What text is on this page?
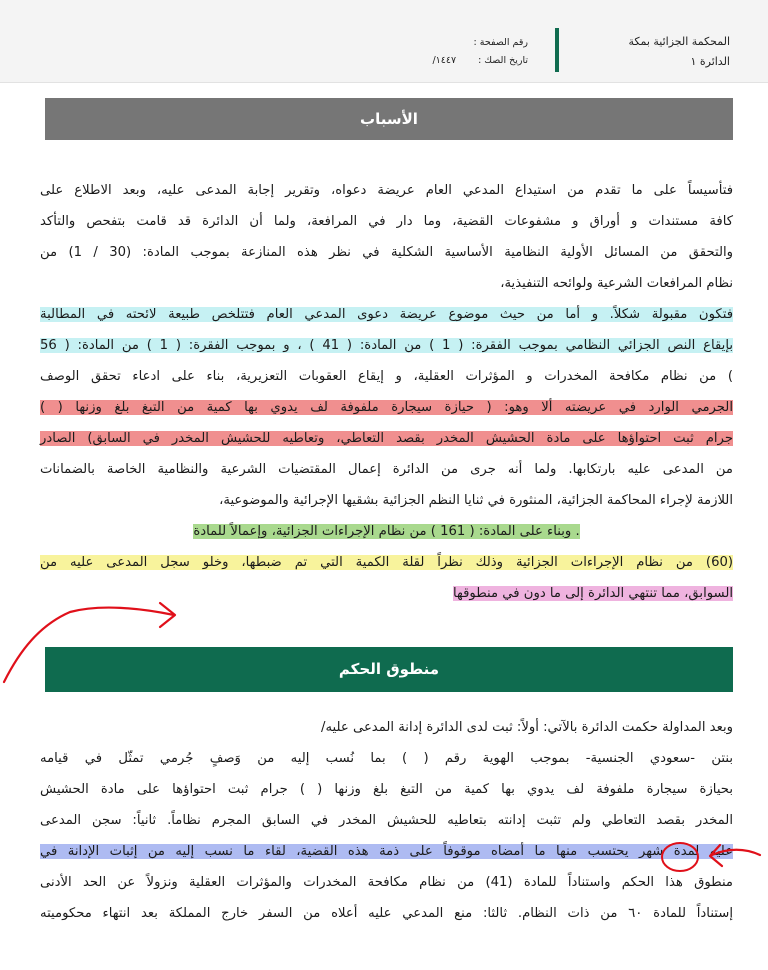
المحكمة الجزائية بمكة
الدائرة ١
رقم الصفحة :
تاريخ الصك :
١٤٤٧/
الأسباب
فتأسيساً على ما تقدم من استيداع المدعي العام عريضة دعواه، وتقرير إجابة المدعى عليه، وبعد الاطلاع على
كافة مستندات و أوراق و مشفوعات القضية، وما دار في المرافعة، ولما أن الدائرة قد قامت بتفحص والتأكد
والتحقق من المسائل الأولية النظامية الأساسية الشكلية في نظر هذه المنازعة بموجب المادة: (30 / 1) من
نظام المرافعات الشرعية ولوائحه التنفيذية،
فتكون مقبولة شكلاً. و أما من حيث موضوع عريضة دعوى المدعي العام فتتلخص طبيعة لائحته في المطالبة
بإيقاع النص الجزائي النظامي بموجب الفقرة: ( 1 ) من المادة: ( 41 ) ، و بموجب الفقرة: ( 1 ) من المادة: ( 56
) من نظام مكافحة المخدرات و المؤثرات العقلية، و إيقاع العقوبات التعزيرية، بناء على ادعاء تحقق الوصف
الجرمي الوارد في عريضته ألا وهو: ( حيازة سيجارة ملفوفة لف يدوي بها كمية من التبغ بلغ وزنها ( )
جرام ثبت احتواؤها على مادة الحشيش المخدر بقصد التعاطي، وتعاطيه للحشيش المخدر في السابق) الصادر
من المدعى عليه بارتكابها. ولما أنه جرى من الدائرة إعمال المقتضيات الشرعية والنظامية الخاصة بالضمانات
اللازمة لإجراء المحاكمة الجزائية، المنثورة في ثنايا النظم الجزائية بشقيها الإجرائية والموضوعية،
. وبناء على المادة: ( 161 ) من نظام الإجراءات الجزائية، وإعمالاً للمادة
(60) من نظام الإجراءات الجزائية وذلك نظراً لقلة الكمية التي تم ضبطها، وخلو سجل المدعى عليه من
السوابق، مما تنتهي الدائرة إلى ما دون في منطوقها
منطوق الحكم
وبعد المداولة حكمت الدائرة بالآتي: أولاً: ثبت لدى الدائرة إدانة المدعى عليه/
بنتن -سعودي الجنسية- بموجب الهوية رقم ( ) بما نُسب إليه من وَصفٍ جُرمي تمثّل في قيامه
بحيازة سيجارة ملفوفة لف يدوي بها كمية من التبغ بلغ وزنها ( ) جرام ثبت احتواؤها على مادة الحشيش
المخدر بقصد التعاطي ولم تثبت إدانته بتعاطيه للحشيش المخدر في السابق المجرم نظاماً. ثانياً: سجن المدعى
عليه لمدة شهر يحتسب منها ما أمضاه موقوفاً على ذمة هذه القضية، لقاء ما نسب إليه من إثبات الإدانة في
منطوق هذا الحكم واستناداً للمادة (41) من نظام مكافحة المخدرات والمؤثرات العقلية ونزولاً عن الحد الأدنى
إستناداً للمادة ٦٠ من ذات النظام. ثالثا: منع المدعي عليه أعلاه من السفر خارج المملكة بعد انتهاء محكوميته
